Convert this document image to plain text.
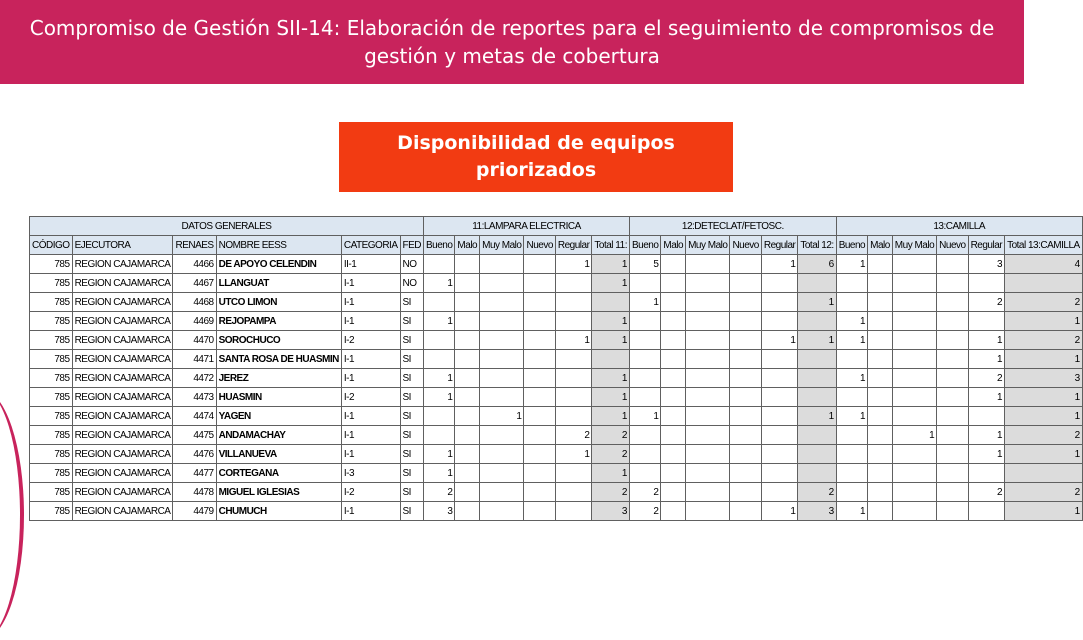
Compromiso de Gestión SII-14: Elaboración de reportes para el seguimiento de compromisos de gestión y metas de cobertura
Disponibilidad de equipos priorizados
DATOS GENERALES						11:LAMPARA ELECTRICA						12:DETECLAT/FETOSC.						13:CAMILLA					
CÓDIGO	EJECUTORA	RENAES	NOMBRE EESS	CATEGORIA	FED	Bueno	Malo	Muy Malo	Nuevo	Regular	Total 11:	Bueno	Malo	Muy Malo	Nuevo	Regular	Total 12:	Bueno	Malo	Muy Malo	Nuevo	Regular	Total 13:CAMILLA
785	REGION CAJAMARCA	4466	DE APOYO CELENDIN	II-1	NO					1	1	5				1	6	1				3	4
785	REGION CAJAMARCA	4467	LLANGUAT	I-1	NO	1					1												
785	REGION CAJAMARCA	4468	UTCO LIMON	I-1	SI							1					1					2	2
785	REGION CAJAMARCA	4469	REJOPAMPA	I-1	SI	1					1							1					1
785	REGION CAJAMARCA	4470	SOROCHUCO	I-2	SI					1	1					1	1	1				1	2
785	REGION CAJAMARCA	4471	SANTA ROSA DE HUASMIN	I-1	SI																	1	1
785	REGION CAJAMARCA	4472	JEREZ	I-1	SI	1					1							1				2	3
785	REGION CAJAMARCA	4473	HUASMIN	I-2	SI	1					1											1	1
785	REGION CAJAMARCA	4474	YAGEN	I-1	SI			1			1	1					1	1					1
785	REGION CAJAMARCA	4475	ANDAMACHAY	I-1	SI					2	2									1		1	2
785	REGION CAJAMARCA	4476	VILLANUEVA	I-1	SI	1				1	2											1	1
785	REGION CAJAMARCA	4477	CORTEGANA	I-3	SI	1					1												
785	REGION CAJAMARCA	4478	MIGUEL IGLESIAS	I-2	SI	2					2	2					2					2	2
785	REGION CAJAMARCA	4479	CHUMUCH	I-1	SI	3					3	2				1	3	1					1
